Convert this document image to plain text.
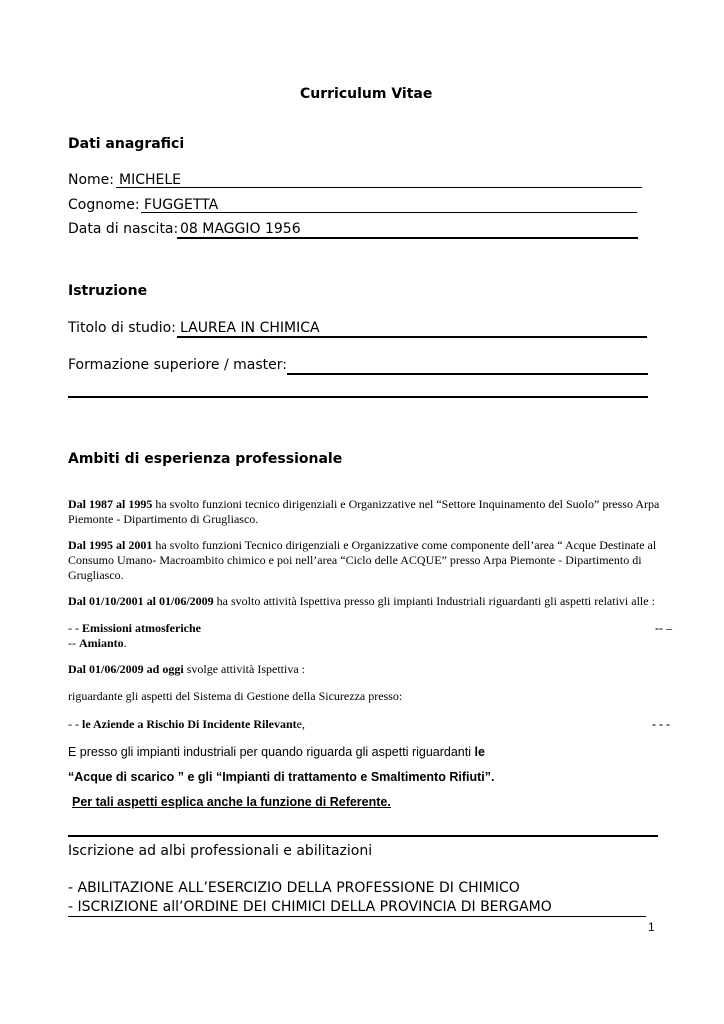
Curriculum Vitae
Dati anagrafici
Nome: MICHELE
Cognome: FUGGETTA
Data di nascita: 08 MAGGIO 1956
Istruzione
Titolo di studio: LAUREA IN CHIMICA
Formazione superiore / master:
Ambiti di esperienza professionale
Dal 1987 al 1995 ha svolto funzioni tecnico dirigenziali e Organizzative nel “Settore Inquinamento del Suolo” presso Arpa Piemonte - Dipartimento di Grugliasco.
Dal 1995 al 2001 ha svolto funzioni Tecnico dirigenziali e Organizzative come componente dell’area “ Acque Destinate al Consumo Umano- Macroambito chimico e poi nell’area “Ciclo delle ACQUE” presso Arpa Piemonte - Dipartimento di Grugliasco.
Dal 01/10/2001 al 01/06/2009 ha svolto attività Ispettiva presso gli impianti Industriali riguardanti gli aspetti relativi alle :
- - Emissioni atmosferiche	-- –
-- Amianto.
Dal 01/06/2009 ad oggi svolge attività Ispettiva :
riguardante gli aspetti del Sistema di Gestione della Sicurezza presso:
- - le Aziende a Rischio Di Incidente Rilevante,	- - -
E presso gli impianti industriali per quando riguarda gli aspetti riguardanti le
“Acque di scarico ” e gli “Impianti di trattamento e Smaltimento Rifiuti”.
Per tali aspetti esplica anche la funzione di Referente.
Iscrizione ad albi professionali e abilitazioni
- ABILITAZIONE ALL’ESERCIZIO DELLA PROFESSIONE DI CHIMICO
- ISCRIZIONE all’ORDINE DEI CHIMICI DELLA PROVINCIA DI BERGAMO
1
